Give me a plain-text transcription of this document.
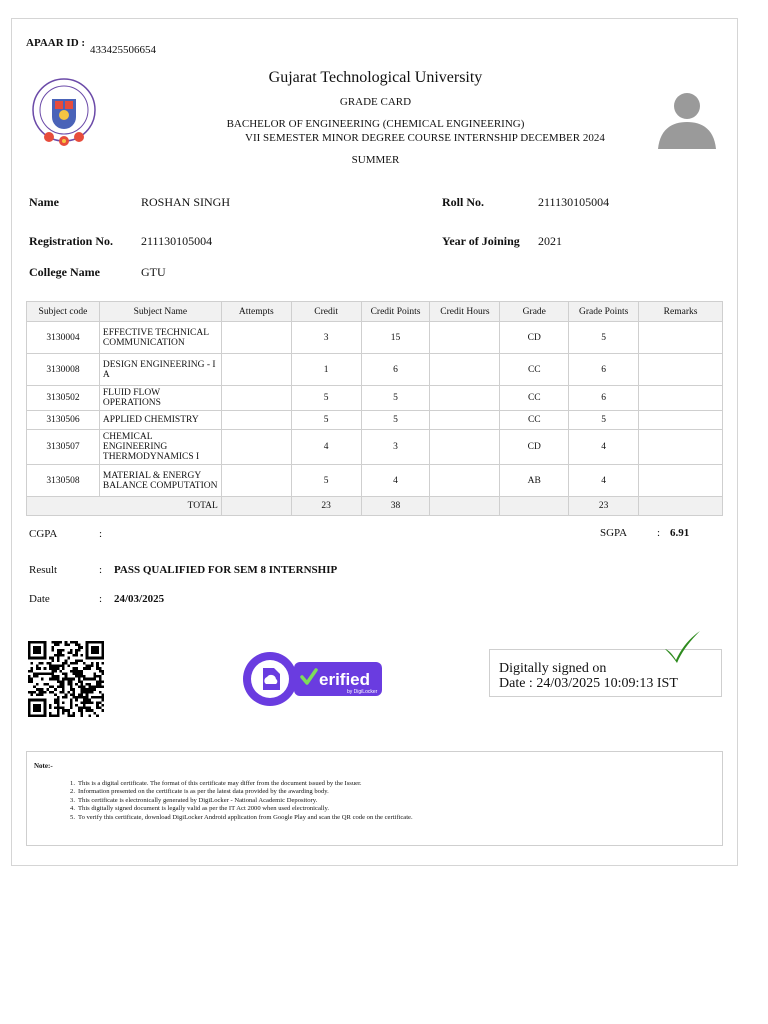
APAAR ID :
433425506654
Gujarat Technological University
GRADE CARD
BACHELOR OF ENGINEERING (CHEMICAL ENGINEERING)
VII SEMESTER MINOR DEGREE COURSE INTERNSHIP DECEMBER 2024
SUMMER
Name	ROSHAN SINGH	Roll No.	211130105004
Registration No. 211130105004	Year of Joining 2021
College Name	GTU
Subject code	Subject Name	Attempts	Credit	Credit Points	Credit Hours	Grade	Grade Points	Remarks
3130004	EFFECTIVE TECHNICAL COMMUNICATION		3	15		CD	5	
3130008	DESIGN ENGINEERING - I A		1	6		CC	6	
3130502	FLUID FLOW OPERATIONS		5	5		CC	6	
3130506	APPLIED CHEMISTRY		5	5		CC	5	
3130507	CHEMICAL ENGINEERING THERMODYNAMICS I		4	3		CD	4	
3130508	MATERIAL & ENERGY BALANCE COMPUTATION		5	4		AB	4	
TOTAL			23	38			23	
CGPA	:	SGPA	: 6.91
Result	: PASS QUALIFIED FOR SEM 8 INTERNSHIP
Date	: 24/03/2025
erified
by DigiLocker
Digitally signed on
Date : 24/03/2025 10:09:13 IST
Note:-
1. This is a digital certificate. The format of this certificate may differ from the document issued by the Issuer.
2. Information presented on the certificate is as per the latest data provided by the awarding body.
3. This certificate is electronically generated by DigiLocker - National Academic Depository.
4. This digitally signed document is legally valid as per the IT Act 2000 when used electronically.
5. To verify this certificate, download DigiLocker Android application from Google Play and scan the QR code on the certificate.
